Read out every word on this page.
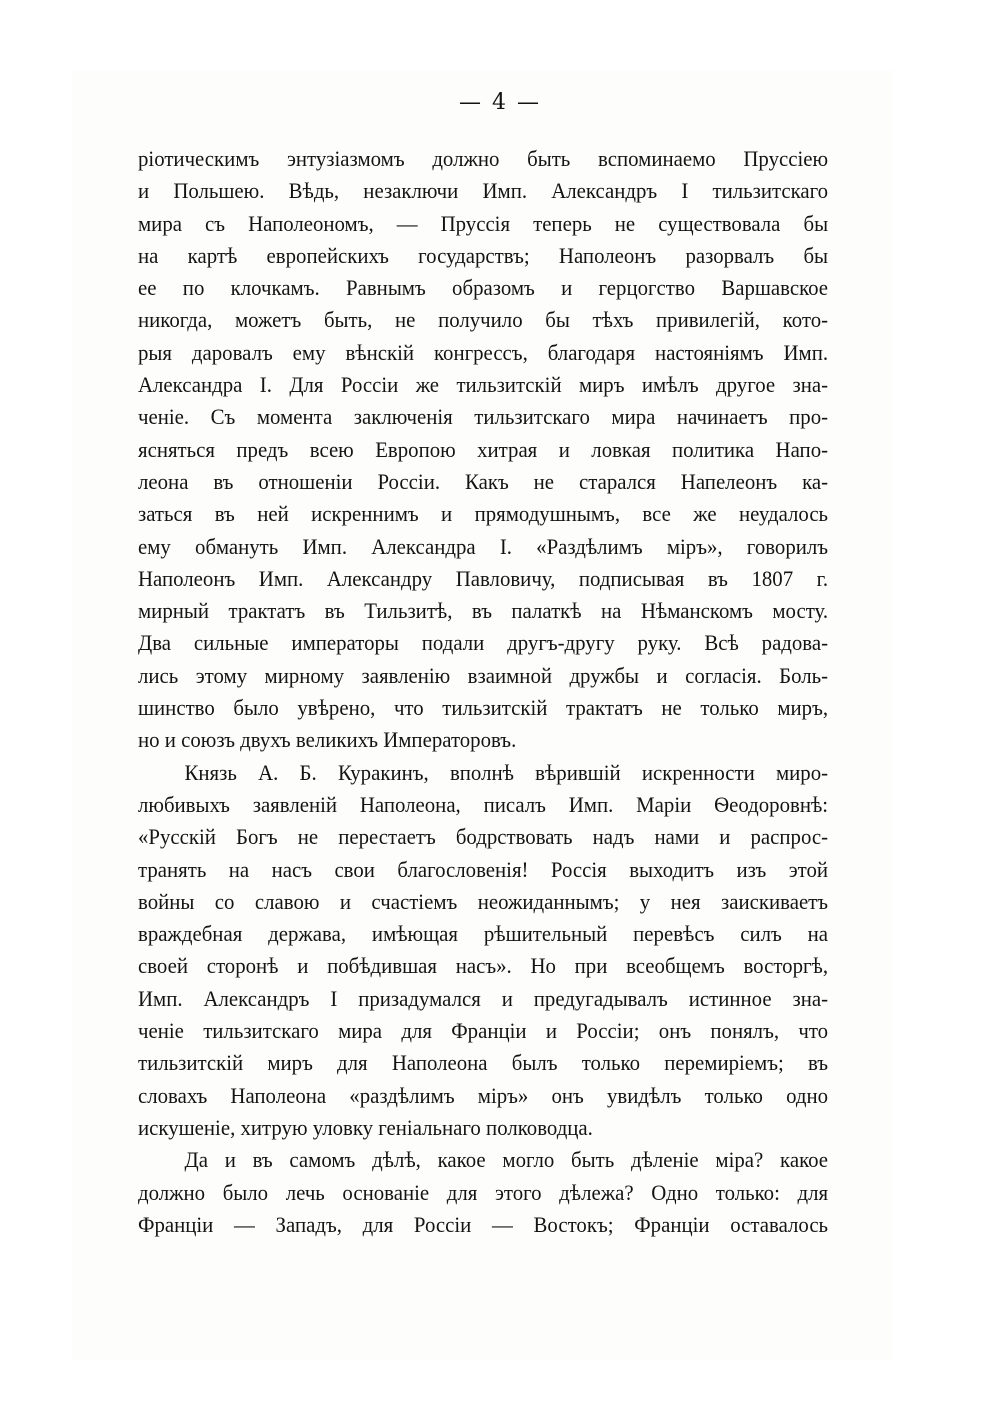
— 4 —
ріотическимъ энтузіазмомъ должно быть вспоминаемо Пруссіею
и Польшею. Вѣдь, незаключи Имп. Александръ I тильзитскаго
мира съ Наполеономъ, — Пруссія теперь не существовала бы
на картѣ европейскихъ государствъ; Наполеонъ разорвалъ бы
ее по клочкамъ. Равнымъ образомъ и герцогство Варшавское
никогда, можетъ быть, не получило бы тѣхъ привилегій, кото-
рыя даровалъ ему вѣнскій конгрессъ, благодаря настояніямъ Имп.
Александра I. Для Россіи же тильзитскій миръ имѣлъ другое зна-
ченіе. Съ момента заключенія тильзитскаго мира начинаетъ про-
ясняться предъ всею Европою хитрая и ловкая политика Напо-
леона въ отношеніи Россіи. Какъ не старался Напелеонъ ка-
заться въ ней искреннимъ и прямодушнымъ, все же неудалось
ему обмануть Имп. Александра I. «Раздѣлимъ міръ», говорилъ
Наполеонъ Имп. Александру Павловичу, подписывая въ 1807 г.
мирный трактатъ въ Тильзитѣ, въ палаткѣ на Нѣманскомъ мосту.
Два сильные императоры подали другъ-другу руку. Всѣ радова-
лись этому мирному заявленію взаимной дружбы и согласія. Боль-
шинство было увѣрено, что тильзитскій трактатъ не только миръ,
но и союзъ двухъ великихъ Императоровъ.
Князь А. Б. Куракинъ, вполнѣ вѣрившій искренности миро-
любивыхъ заявленій Наполеона, писалъ Имп. Маріи Ѳеодоровнѣ:
«Русскій Богъ не перестаетъ бодрствовать надъ нами и распрос-
транять на насъ свои благословенія! Россія выходитъ изъ этой
войны со славою и счастіемъ неожиданнымъ; у нея заискиваетъ
враждебная держава, имѣющая рѣшительный перевѣсъ силъ на
своей сторонѣ и побѣдившая насъ». Но при всеобщемъ восторгѣ,
Имп. Александръ I призадумался и предугадывалъ истинное зна-
ченіе тильзитскаго мира для Франціи и Россіи; онъ понялъ, что
тильзитскій миръ для Наполеона былъ только перемиріемъ; въ
словахъ Наполеона «раздѣлимъ міръ» онъ увидѣлъ только одно
искушеніе, хитрую уловку геніальнаго полководца.
Да и въ самомъ дѣлѣ, какое могло быть дѣленіе міра? какое
должно было лечь основаніе для этого дѣлежа? Одно только: для
Франціи — Западъ, для Россіи — Востокъ; Франціи оставалось
